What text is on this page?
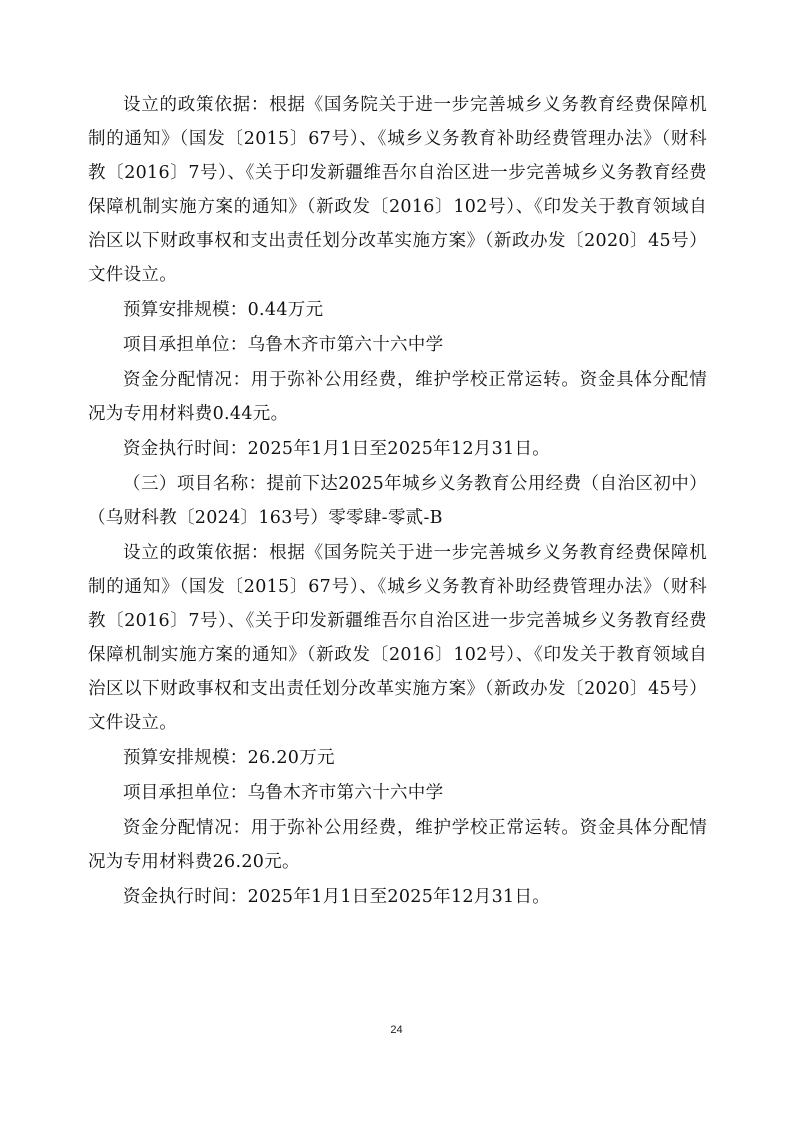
设立的政策依据：根据《国务院关于进一步完善城乡义务教育经费保障机制的通知》（国发〔2015〕67号）、《城乡义务教育补助经费管理办法》（财科教〔2016〕7号）、《关于印发新疆维吾尔自治区进一步完善城乡义务教育经费保障机制实施方案的通知》（新政发〔2016〕102号）、《印发关于教育领域自治区以下财政事权和支出责任划分改革实施方案》（新政办发〔2020〕45号）文件设立。

预算安排规模：0.44万元

项目承担单位：乌鲁木齐市第六十六中学

资金分配情况：用于弥补公用经费，维护学校正常运转。资金具体分配情况为专用材料费0.44元。

资金执行时间：2025年1月1日至2025年12月31日。

（三）项目名称：提前下达2025年城乡义务教育公用经费（自治区初中）（乌财科教〔2024〕163号）零零肆-零贰-B

设立的政策依据：根据《国务院关于进一步完善城乡义务教育经费保障机制的通知》（国发〔2015〕67号）、《城乡义务教育补助经费管理办法》（财科教〔2016〕7号）、《关于印发新疆维吾尔自治区进一步完善城乡义务教育经费保障机制实施方案的通知》（新政发〔2016〕102号）、《印发关于教育领域自治区以下财政事权和支出责任划分改革实施方案》（新政办发〔2020〕45号）文件设立。

预算安排规模：26.20万元

项目承担单位：乌鲁木齐市第六十六中学

资金分配情况：用于弥补公用经费，维护学校正常运转。资金具体分配情况为专用材料费26.20元。

资金执行时间：2025年1月1日至2025年12月31日。

24
